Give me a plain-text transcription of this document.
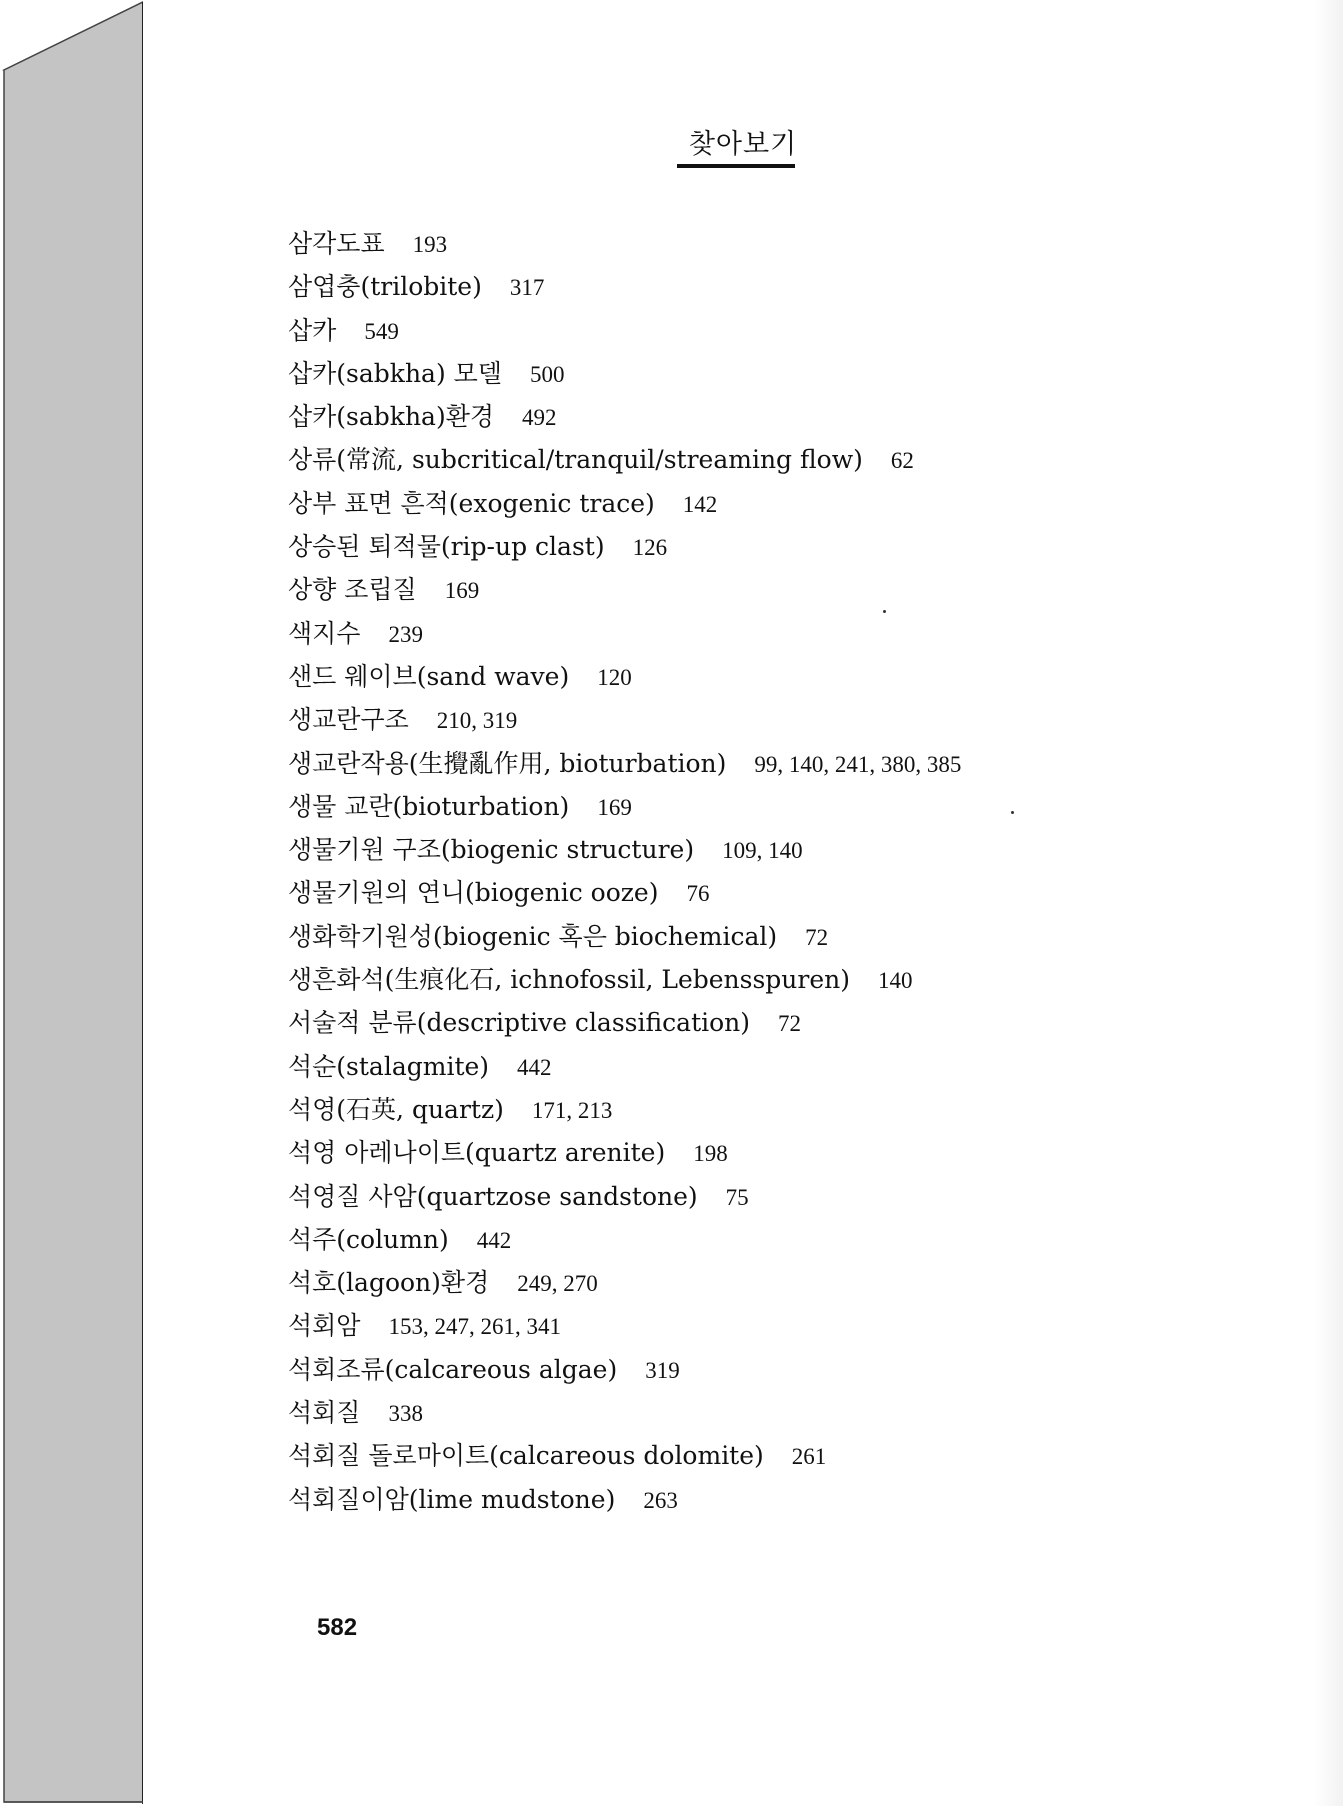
찾아보기
삼각도표 193
삼엽충(trilobite) 317
삽카 549
삽카(sabkha) 모델 500
삽카(sabkha)환경 492
상류(常流, subcritical/tranquil/streaming flow) 62
상부 표면 흔적(exogenic trace) 142
상승된 퇴적물(rip-up clast) 126
상향 조립질 169
색지수 239
샌드 웨이브(sand wave) 120
생교란구조 210, 319
생교란작용(生攪亂作用, bioturbation) 99, 140, 241, 380, 385
생물 교란(bioturbation) 169
생물기원 구조(biogenic structure) 109, 140
생물기원의 연니(biogenic ooze) 76
생화학기원성(biogenic 혹은 biochemical) 72
생흔화석(生痕化石, ichnofossil, Lebensspuren) 140
서술적 분류(descriptive classification) 72
석순(stalagmite) 442
석영(石英, quartz) 171, 213
석영 아레나이트(quartz arenite) 198
석영질 사암(quartzose sandstone) 75
석주(column) 442
석호(lagoon)환경 249, 270
석회암 153, 247, 261, 341
석회조류(calcareous algae) 319
석회질 338
석회질 돌로마이트(calcareous dolomite) 261
석회질이암(lime mudstone) 263
582
